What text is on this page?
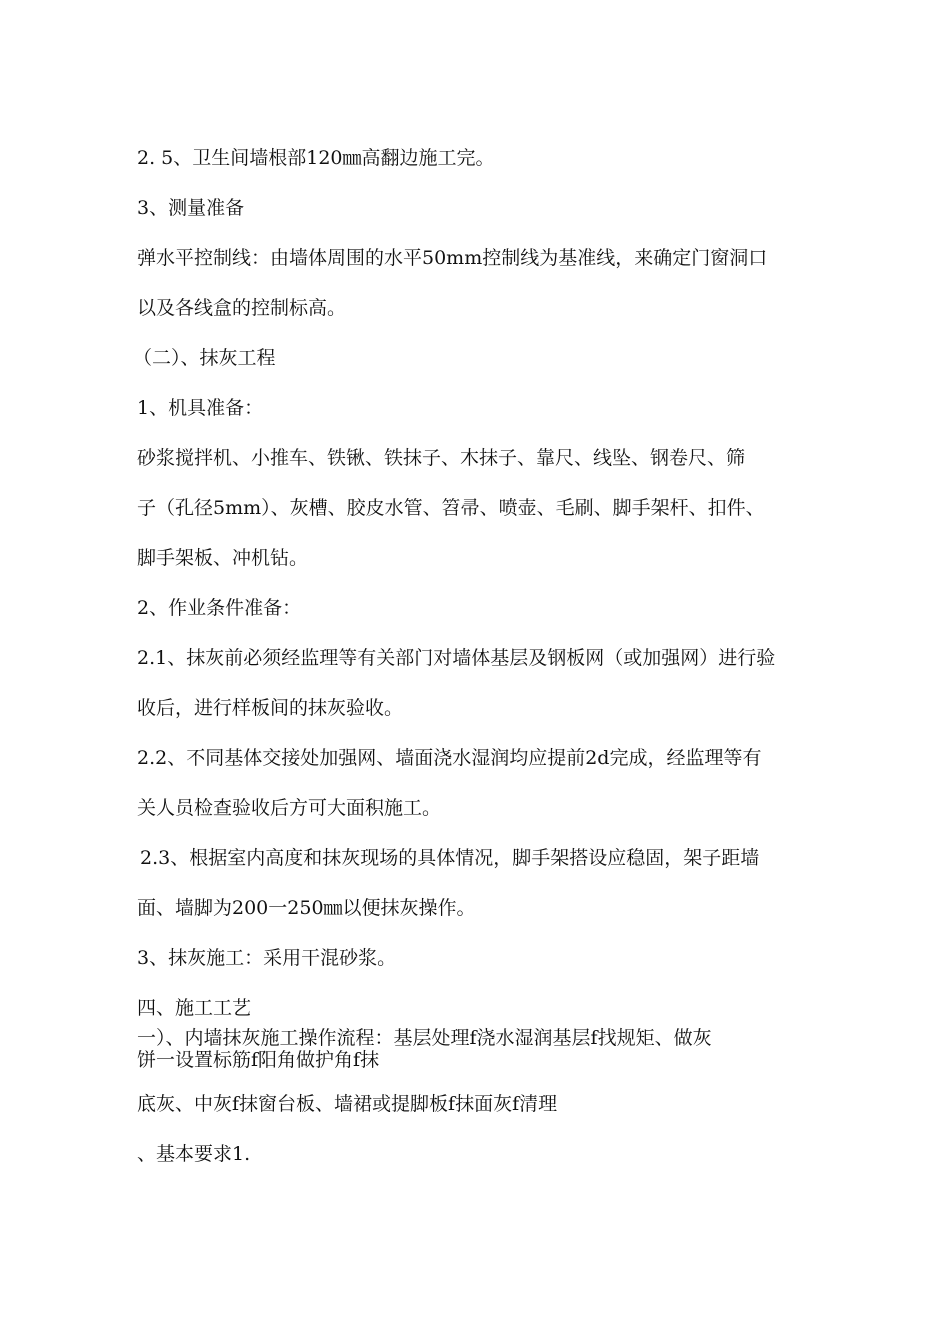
2. 5、卫生间墙根部120㎜高翻边施工完。
3、测量准备
弹水平控制线：由墙体周围的水平50mm控制线为基准线，来确定门窗洞口
以及各线盒的控制标高。
（二）、抹灰工程
1、机具准备：
砂浆搅拌机、小推车、铁锹、铁抹子、木抹子、靠尺、线坠、钢卷尺、筛
子（孔径5mm）、灰槽、胶皮水管、笤帚、喷壶、毛刷、脚手架杆、扣件、
脚手架板、冲机钻。
2、作业条件准备：
2.1、抹灰前必须经监理等有关部门对墙体基层及钢板网（或加强网）进行验
收后，进行样板间的抹灰验收。
2.2、不同基体交接处加强网、墙面浇水湿润均应提前2d完成，经监理等有
关人员检查验收后方可大面积施工。
2.3、根据室内高度和抹灰现场的具体情况，脚手架搭设应稳固，架子距墙
面、墙脚为200一250㎜以便抹灰操作。
3、抹灰施工：采用干混砂浆。
四、施工工艺
一）、内墙抹灰施工操作流程：基层处理f浇水湿润基层f找规矩、做灰
饼一设置标筋f阳角做护角f抹
底灰、中灰f抹窗台板、墙裙或提脚板f抹面灰f清理
、基本要求1.
